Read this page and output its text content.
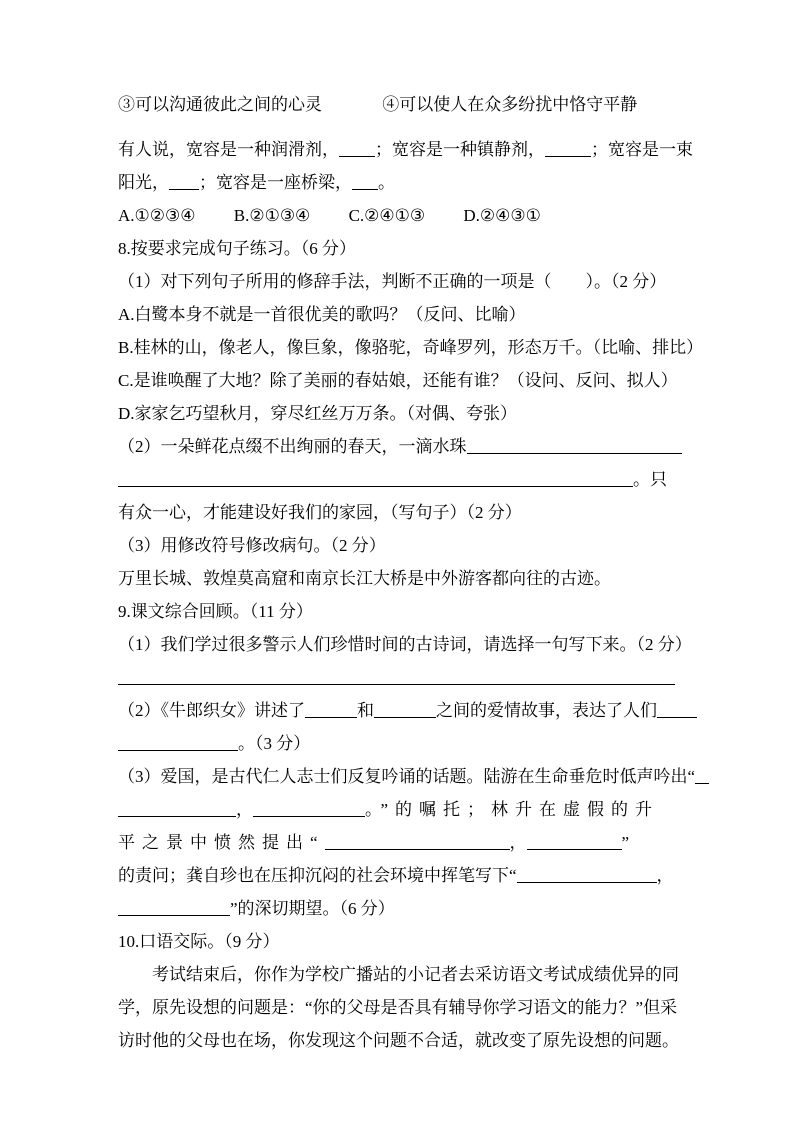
③可以沟通彼此之间的心灵	④可以使人在众多纷扰中恪守平静
有人说，宽容是一种润滑剂， ；宽容是一种镇静剂，	；宽容是一束
阳光， ；宽容是一座桥梁， 。
A.①②③④ B.②①③④ C.②④①③ D.②④③①
8.按要求完成句子练习。（6 分）
（1）对下列句子所用的修辞手法，判断不正确的一项是（　　）。（2 分）
A.白鹭本身不就是一首很优美的歌吗？（反问、比喻）
B.桂林的山，像老人，像巨象，像骆驼，奇峰罗列，形态万千。（比喻、排比）
C.是谁唤醒了大地？除了美丽的春姑娘，还能有谁？（设问、反问、拟人）
D.家家乞巧望秋月，穿尽红丝万万条。（对偶、夸张）
（2）一朵鲜花点缀不出绚丽的春天，一滴水珠
。只
有众一心，才能建设好我们的家园，（写句子）（2 分）
（3）用修改符号修改病句。（2 分）
万里长城、敦煌莫高窟和南京长江大桥是中外游客都向往的古迹。
9.课文综合回顾。（11 分）
（1）我们学过很多警示人们珍惜时间的古诗词，请选择一句写下来。（2 分）
（2）《牛郎织女》讲述了	和	之间的爱情故事，表达了人们
。（3 分）
（3）爱国，是古代仁人志士们反复吟诵的话题。陆游在生命垂危时低声吟出“
，	。”的嘱托；林升在虚假的升
平之景中愤然提出“	，	”
的责问；龚自珍也在压抑沉闷的社会环境中挥笔写下“	，
”的深切期望。（6 分）
10.口语交际。（9 分）
考试结束后，你作为学校广播站的小记者去采访语文考试成绩优异的同
学，原先设想的问题是：“你的父母是否具有辅导你学习语文的能力？”但采
访时他的父母也在场，你发现这个问题不合适，就改变了原先设想的问题。
